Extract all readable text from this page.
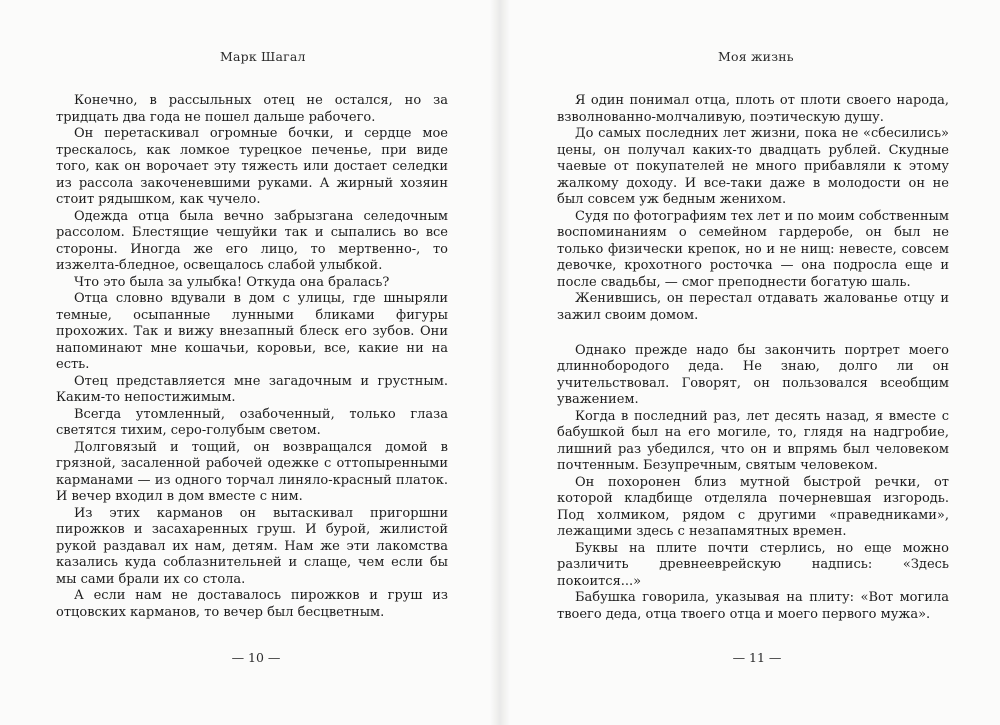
Марк Шагал

Конечно, в рассыльных отец не остался, но за тридцать два года не пошел дальше рабочего.

Он перетаскивал огромные бочки, и сердце мое трескалось, как ломкое турецкое печенье, при виде того, как он ворочает эту тяжесть или достает селедки из рассола закоченевшими руками. А жирный хозяин стоит рядышком, как чучело.

Одежда отца была вечно забрызгана селедочным рассолом. Блестящие чешуйки так и сыпались во все стороны. Иногда же его лицо, то мертвенно-, то изжелта-бледное, освещалось слабой улыбкой.

Что это была за улыбка! Откуда она бралась?

Отца словно вдували в дом с улицы, где шныряли темные, осыпанные лунными бликами фигуры прохожих. Так и вижу внезапный блеск его зубов. Они напоминают мне кошачьи, коровьи, все, какие ни на есть.

Отец представляется мне загадочным и грустным. Каким-то непостижимым.

Всегда утомленный, озабоченный, только глаза светятся тихим, серо-голубым светом.

Долговязый и тощий, он возвращался домой в грязной, засаленной рабочей одежке с оттопыренными карманами — из одного торчал линяло-красный платок. И вечер входил в дом вместе с ним.

Из этих карманов он вытаскивал пригоршни пирожков и засахаренных груш. И бурой, жилистой рукой раздавал их нам, детям. Нам же эти лакомства казались куда соблазнительней и слаще, чем если бы мы сами брали их со стола.

А если нам не доставалось пирожков и груш из отцовских карманов, то вечер был бесцветным.

— 10 —
Моя жизнь

Я один понимал отца, плоть от плоти своего народа, взволнованно-молчаливую, поэтическую душу.

До самых последних лет жизни, пока не «сбесились» цены, он получал каких-то двадцать рублей. Скудные чаевые от покупателей не много прибавляли к этому жалкому доходу. И все-таки даже в молодости он не был совсем уж бедным женихом.

Судя по фотографиям тех лет и по моим собственным воспоминаниям о семейном гардеробе, он был не только физически крепок, но и не нищ: невесте, совсем девочке, крохотного росточка — она подросла еще и после свадьбы, — смог преподнести богатую шаль.

Женившись, он перестал отдавать жалованье отцу и зажил своим домом.

Однако прежде надо бы закончить портрет моего длиннобородого деда. Не знаю, долго ли он учительствовал. Говорят, он пользовался всеобщим уважением.

Когда в последний раз, лет десять назад, я вместе с бабушкой был на его могиле, то, глядя на надгробие, лишний раз убедился, что он и впрямь был человеком почтенным. Безупречным, святым человеком.

Он похоронен близ мутной быстрой речки, от которой кладбище отделяла почерневшая изгородь. Под холмиком, рядом с другими «праведниками», лежащими здесь с незапамятных времен.

Буквы на плите почти стерлись, но еще можно различить древнееврейскую надпись: «Здесь покоится...»

Бабушка говорила, указывая на плиту: «Вот могила твоего деда, отца твоего отца и моего первого мужа».

— 11 —
